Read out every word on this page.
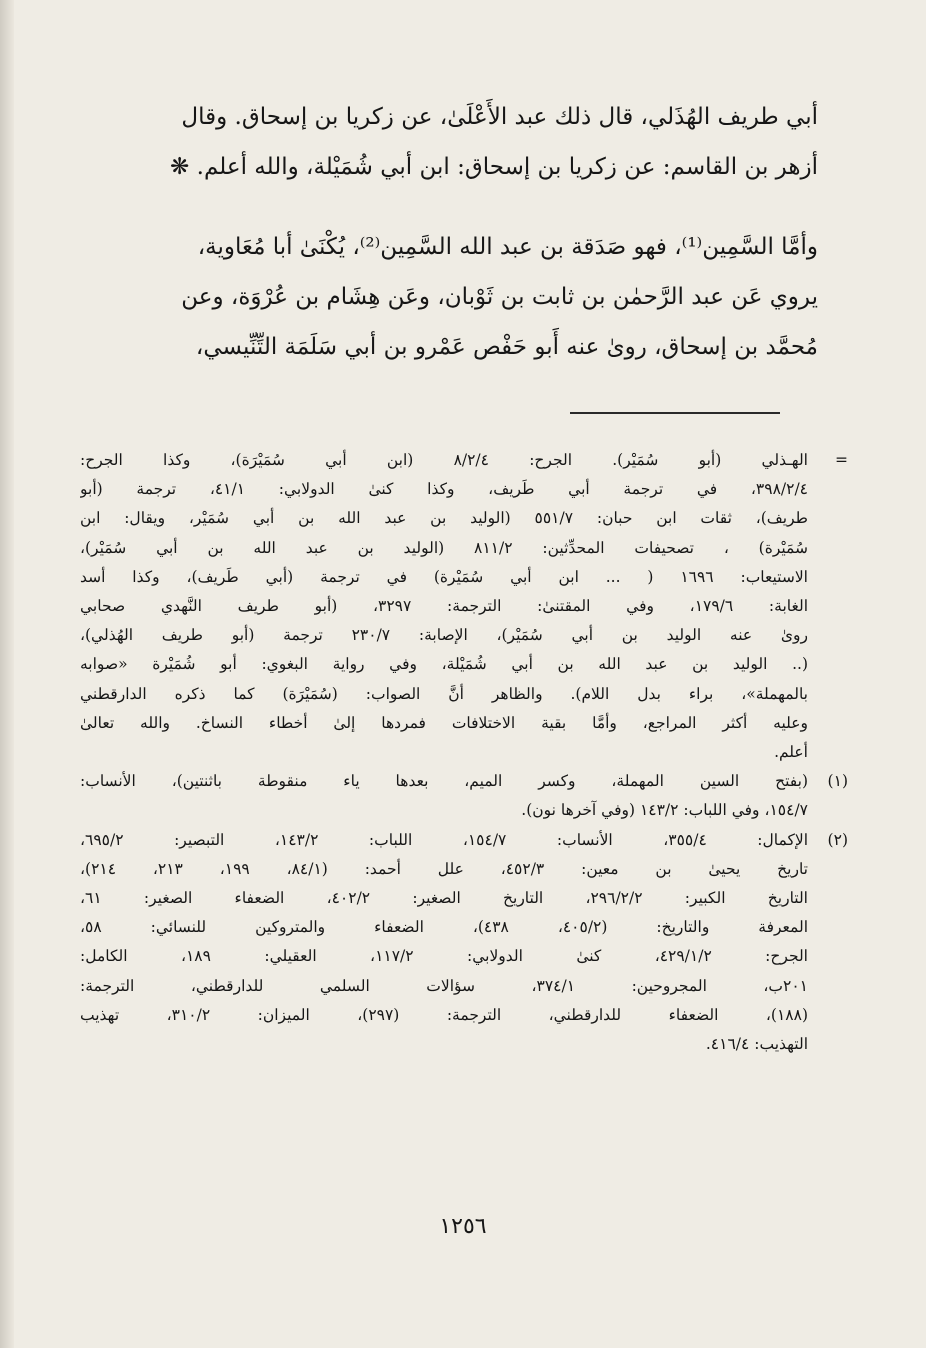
أبي طريف الهُذَلي، قال ذلك عبد الأَعْلَىٰ، عن زكريا بن إسحاق. وقال

أزهر بن القاسم: عن زكريا بن إسحاق: ابن أبي شُمَيْلة، والله أعلم. ❋

وأمَّا السَّمِين⁽¹⁾، فهو صَدَقة بن عبد الله السَّمِين⁽²⁾، يُكْنَىٰ أبا مُعَاوية،

يروي عَن عبد الرَّحمٰن بن ثابت بن ثَوْبان، وعَن هِشَام بن عُرْوَة، وعن

مُحمَّد بن إسحاق، روىٰ عنه أَبو حَفْص عَمْرو بن أبي سَلَمَة التِّنِّيسي،

=
الهـذلي (أبو سُمَيْر). الجرح: ٨/٢/٤ (ابن أبي سُمَيْرَة)، وكذا الجرح:
٣٩٨/٢/٤، في ترجمة أبي طَريف، وكذا كنىٰ الدولابي: ٤١/١، ترجمة (أبو
طريف)، ثقات ابن حبان: ٥٥١/٧ (الوليد بن عبد الله بن أبي سُمَيْر، ويقال: ابن
سُمَيْرة) ، تصحيفات المحدِّثين: ٨١١/٢ (الوليد بن عبد الله بن أبي سُمَيْر)،
الاستيعاب: ١٦٩٦ ( ... ابن أبي سُمَيْرة) في ترجمة (أبي طَريف)، وكذا أسد
الغابة: ١٧٩/٦، وفي المقتنىٰ: الترجمة: ٣٢٩٧، (أبو طريف النَّهدي صحابي
روىٰ عنه الوليد بن أبي سُمَيْر)، الإصابة: ٢٣٠/٧ ترجمة (أبو طريف الهُذلي)،
(.. الوليد بن عبد الله بن أبي شُمَيْلة، وفي رواية البغوي: أبو شُمَيْرة «صوابه
بالمهملة»، براء بدل اللام). والظاهر أنَّ الصواب: (سُمَيْرَة) كما ذكره الدارقطني
وعليه أكثر المراجع، وأمَّا بقية الاختلافات فمردها إلىٰ أخطاء النساخ. والله تعالىٰ
أعلم.
(١)
(بفتح السين المهملة، وكسر الميم، بعدها ياء منقوطة باثنتين)، الأنساب:
١٥٤/٧، وفي اللباب: ١٤٣/٢ (وفي آخرها نون).
(٢)
الإكمال: ٣٥٥/٤، الأنساب: ١٥٤/٧، اللباب: ١٤٣/٢، التبصير: ٦٩٥/٢،
تاريخ يحيىٰ بن معين: ٤٥٢/٣، علل أحمد: (٨٤/١، ١٩٩، ٢١٣، ٢١٤)،
التاريخ الكبير: ٢٩٦/٢/٢، التاريخ الصغير: ٤٠٢/٢، الضعفاء الصغير: ٦١،
المعرفة والتاريخ: (٤٠٥/٢، ٤٣٨)، الضعفاء والمتروكين للنسائي: ٥٨،
الجرح: ٤٢٩/١/٢، كنىٰ الدولابي: ١١٧/٢، العقيلي: ١٨٩، الكامل:
٢٠١ب، المجروحين: ٣٧٤/١، سؤالات السلمي للدارقطني، الترجمة:
(١٨٨)، الضعفاء للدارقطني، الترجمة: (٢٩٧)، الميزان: ٣١٠/٢، تهذيب
التهذيب: ٤١٦/٤.
١٢٥٦
